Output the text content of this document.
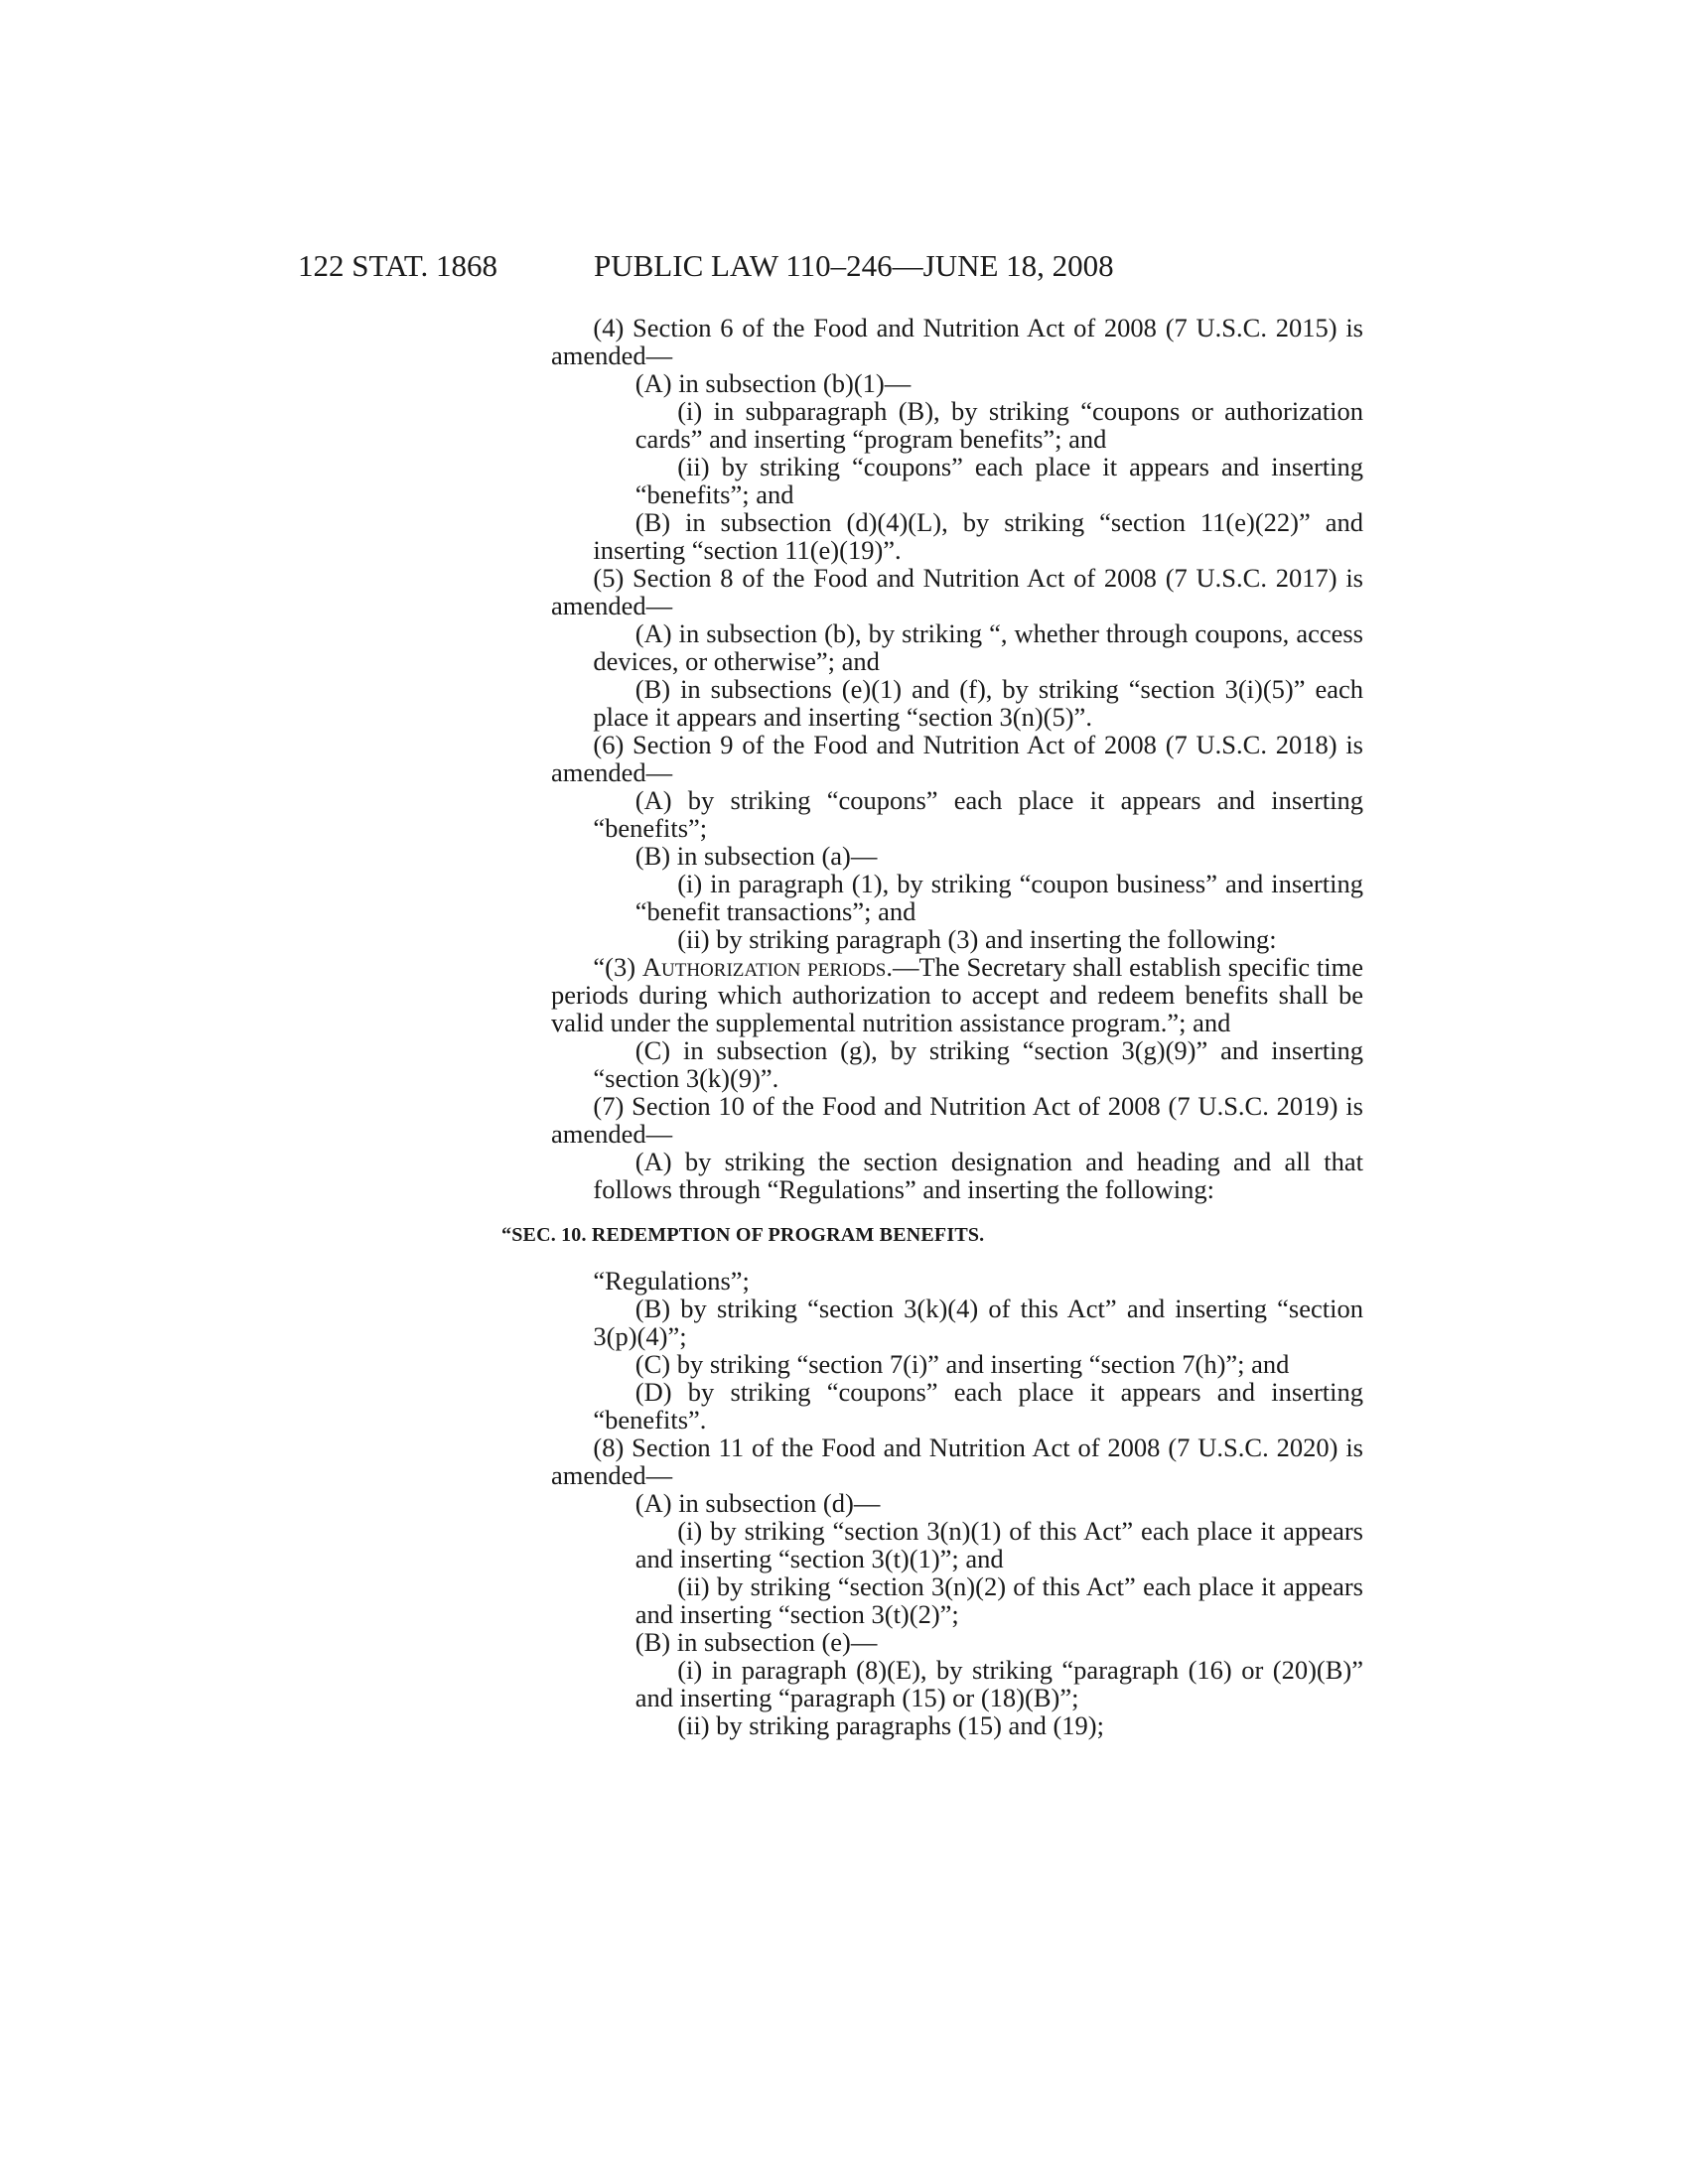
122 STAT. 1868	PUBLIC LAW 110–246—JUNE 18, 2008

(4) Section 6 of the Food and Nutrition Act of 2008 (7 U.S.C. 2015) is amended—

(A) in subsection (b)(1)—

(i) in subparagraph (B), by striking “coupons or authorization cards” and inserting “program benefits”; and

(ii) by striking “coupons” each place it appears and inserting “benefits”; and

(B) in subsection (d)(4)(L), by striking “section 11(e)(22)” and inserting “section 11(e)(19)”.

(5) Section 8 of the Food and Nutrition Act of 2008 (7 U.S.C. 2017) is amended—

(A) in subsection (b), by striking “, whether through coupons, access devices, or otherwise”; and

(B) in subsections (e)(1) and (f), by striking “section 3(i)(5)” each place it appears and inserting “section 3(n)(5)”.

(6) Section 9 of the Food and Nutrition Act of 2008 (7 U.S.C. 2018) is amended—

(A) by striking “coupons” each place it appears and inserting “benefits”;

(B) in subsection (a)—

(i) in paragraph (1), by striking “coupon business” and inserting “benefit transactions”; and

(ii) by striking paragraph (3) and inserting the following:

“(3) Authorization periods.—The Secretary shall establish specific time periods during which authorization to accept and redeem benefits shall be valid under the supplemental nutrition assistance program.”; and

(C) in subsection (g), by striking “section 3(g)(9)” and inserting “section 3(k)(9)”.

(7) Section 10 of the Food and Nutrition Act of 2008 (7 U.S.C. 2019) is amended—

(A) by striking the section designation and heading and all that follows through “Regulations” and inserting the following:

“SEC. 10. REDEMPTION OF PROGRAM BENEFITS.

“Regulations”;

(B) by striking “section 3(k)(4) of this Act” and inserting “section 3(p)(4)”;

(C) by striking “section 7(i)” and inserting “section 7(h)”; and

(D) by striking “coupons” each place it appears and inserting “benefits”.

(8) Section 11 of the Food and Nutrition Act of 2008 (7 U.S.C. 2020) is amended—

(A) in subsection (d)—

(i) by striking “section 3(n)(1) of this Act” each place it appears and inserting “section 3(t)(1)”; and

(ii) by striking “section 3(n)(2) of this Act” each place it appears and inserting “section 3(t)(2)”;

(B) in subsection (e)—

(i) in paragraph (8)(E), by striking “paragraph (16) or (20)(B)” and inserting “paragraph (15) or (18)(B)”;

(ii) by striking paragraphs (15) and (19);
